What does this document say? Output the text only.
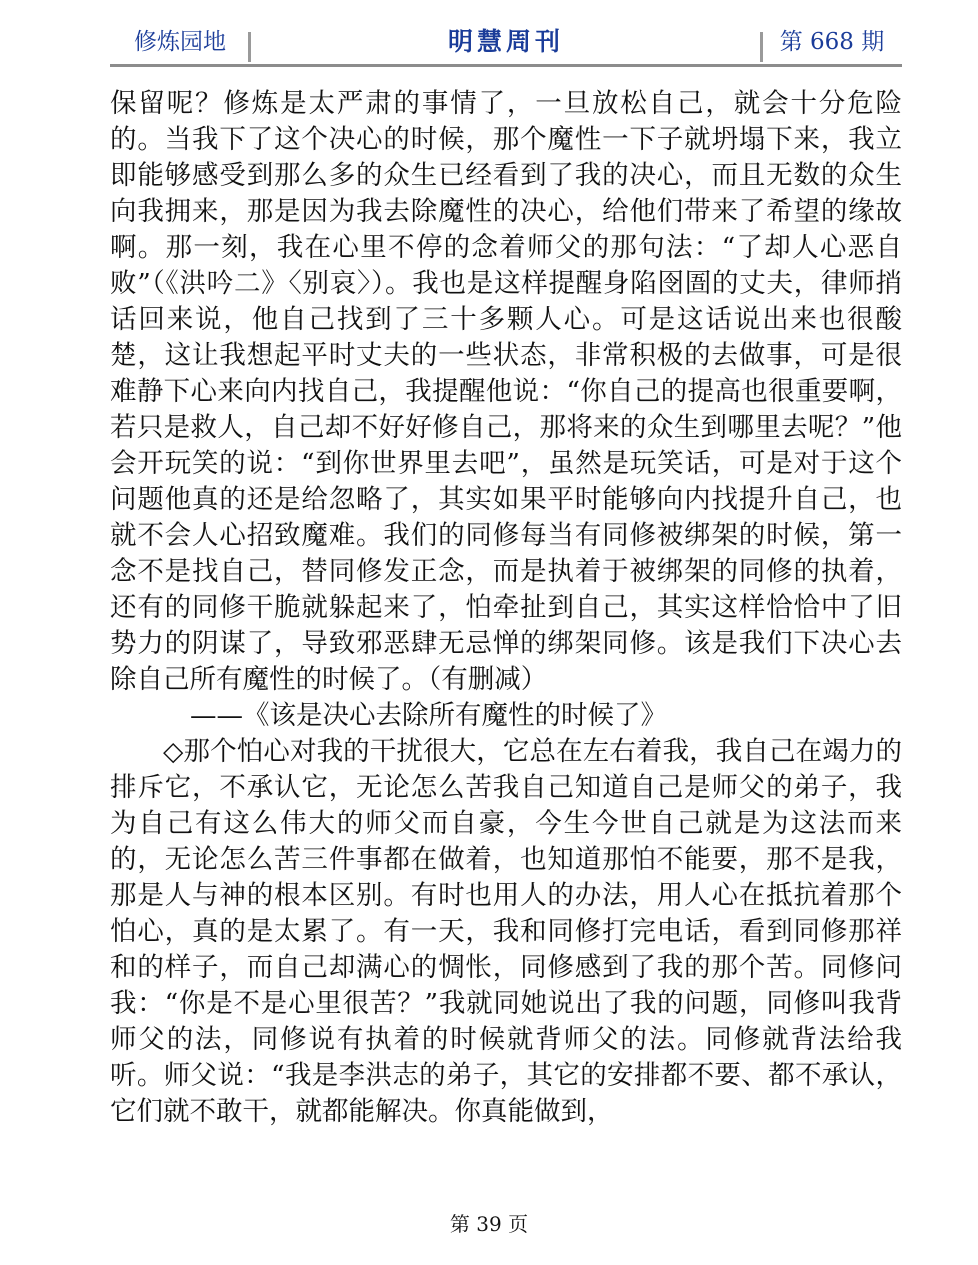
修炼园地	明慧周刊	第 668 期

保留呢？修炼是太严肃的事情了，一旦放松自己，就会十分危险的。当我下了这个决心的时候，那个魔性一下子就坍塌下来，我立即能够感受到那么多的众生已经看到了我的决心，而且无数的众生向我拥来，那是因为我去除魔性的决心，给他们带来了希望的缘故啊。那一刻，我在心里不停的念着师父的那句法：“了却人心恶自败”（《洪吟二》〈别哀〉）。我也是这样提醒身陷囹圄的丈夫，律师捎话回来说，他自己找到了三十多颗人心。可是这话说出来也很酸楚，这让我想起平时丈夫的一些状态，非常积极的去做事，可是很难静下心来向内找自己，我提醒他说：“你自己的提高也很重要啊，若只是救人，自己却不好好修自己，那将来的众生到哪里去呢？”他会开玩笑的说：“到你世界里去吧”，虽然是玩笑话，可是对于这个问题他真的还是给忽略了，其实如果平时能够向内找提升自己，也就不会人心招致魔难。我们的同修每当有同修被绑架的时候，第一念不是找自己，替同修发正念，而是执着于被绑架的同修的执着，还有的同修干脆就躲起来了，怕牵扯到自己，其实这样恰恰中了旧势力的阴谋了，导致邪恶肆无忌惮的绑架同修。该是我们下决心去除自己所有魔性的时候了。（有删减）

——《该是决心去除所有魔性的时候了》

◇那个怕心对我的干扰很大，它总在左右着我，我自己在竭力的排斥它，不承认它，无论怎么苦我自己知道自己是师父的弟子，我为自己有这么伟大的师父而自豪，今生今世自己就是为这法而来的，无论怎么苦三件事都在做着，也知道那怕不能要，那不是我，那是人与神的根本区别。有时也用人的办法，用人心在抵抗着那个怕心，真的是太累了。有一天，我和同修打完电话，看到同修那祥和的样子，而自己却满心的惆怅，同修感到了我的那个苦。同修问我：“你是不是心里很苦？”我就同她说出了我的问题，同修叫我背师父的法，同修说有执着的时候就背师父的法。同修就背法给我听。师父说：“我是李洪志的弟子，其它的安排都不要、都不承认，它们就不敢干，就都能解决。你真能做到，

第 39 页
